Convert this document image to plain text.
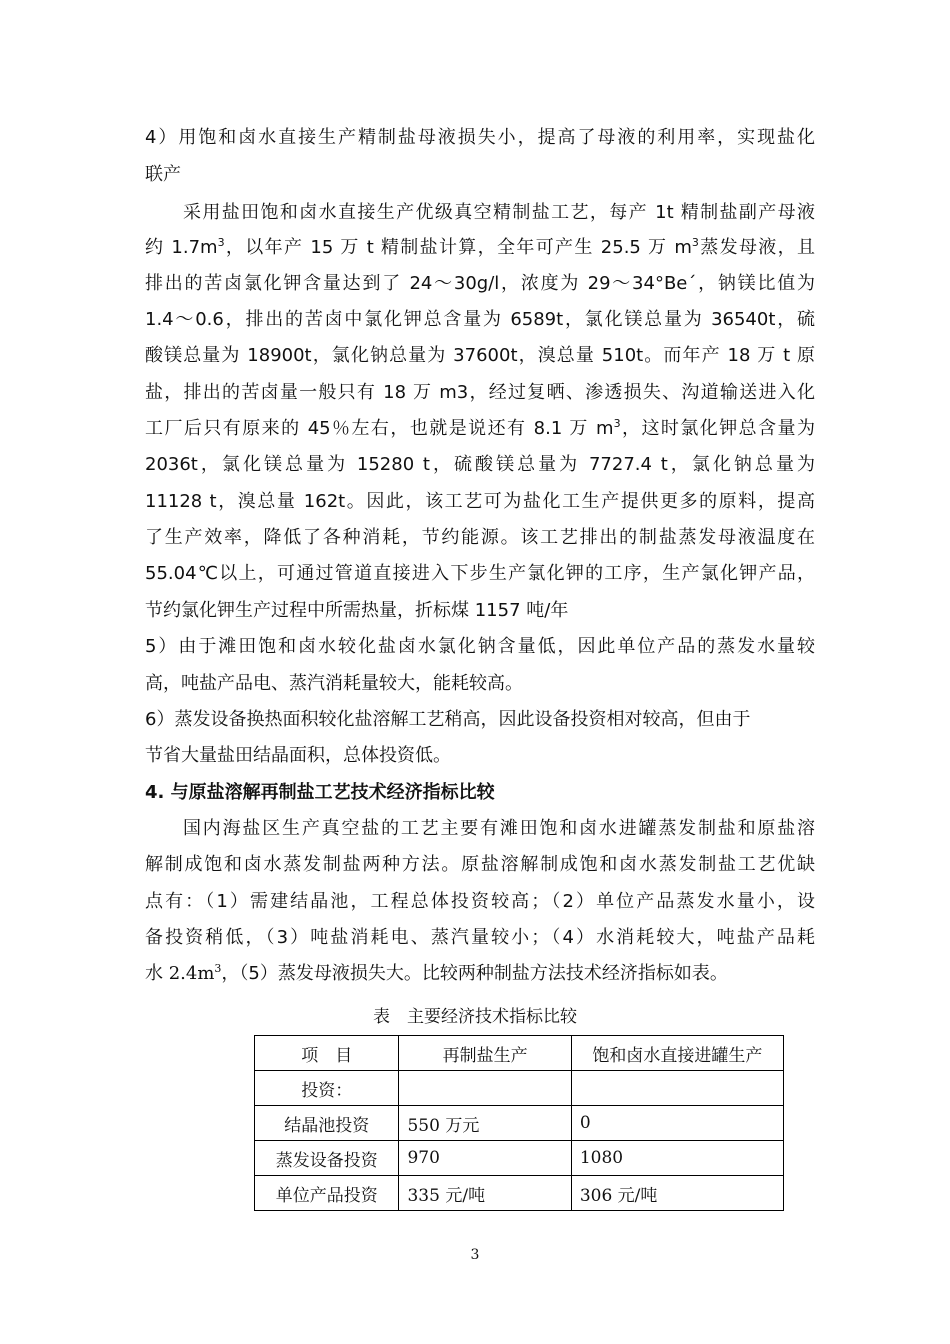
4）用饱和卤水直接生产精制盐母液损失小，提高了母液的利用率，实现盐化
联产
采用盐田饱和卤水直接生产优级真空精制盐工艺，每产 1t 精制盐副产母液
约 $1.7m^3$，以年产 15 万 t 精制盐计算，全年可产生 25.5 万 $m^3$蒸发母液，且
排出的苦卤氯化钾含量达到了 24～30g/l，浓度为 29～34°Be´，钠镁比值为
1.4～0.6，排出的苦卤中氯化钾总含量为 6589t，氯化镁总量为 36540t，硫
酸镁总量为 18900t，氯化钠总量为 37600t，溴总量 510t。而年产 18 万 t 原
盐，排出的苦卤量一般只有 18 万 m3，经过复晒、渗透损失、沟道输送进入化
工厂后只有原来的 45％左右，也就是说还有 8.1 万 $m^3$，这时氯化钾总含量为
2036t，氯化镁总量为 15280 t，硫酸镁总量为 7727.4 t，氯化钠总量为
11128 t，溴总量 162t。因此，该工艺可为盐化工生产提供更多的原料，提高
了生产效率，降低了各种消耗，节约能源。该工艺排出的制盐蒸发母液温度在
55.04℃以上，可通过管道直接进入下步生产氯化钾的工序，生产氯化钾产品，
节约氯化钾生产过程中所需热量，折标煤 1157 吨/年
5）由于滩田饱和卤水较化盐卤水氯化钠含量低，因此单位产品的蒸发水量较
高，吨盐产品电、蒸汽消耗量较大，能耗较高。
6）蒸发设备换热面积较化盐溶解工艺稍高，因此设备投资相对较高，但由于
节省大量盐田结晶面积，总体投资低。
4. 与原盐溶解再制盐工艺技术经济指标比较
国内海盐区生产真空盐的工艺主要有滩田饱和卤水进罐蒸发制盐和原盐溶
解制成饱和卤水蒸发制盐两种方法。原盐溶解制成饱和卤水蒸发制盐工艺优缺
点有：（1）需建结晶池，工程总体投资较高；（2）单位产品蒸发水量小，设
备投资稍低，（3）吨盐消耗电、蒸汽量较小；（4）水消耗较大，吨盐产品耗
水 $2.4m^3$，（5）蒸发母液损失大。比较两种制盐方法技术经济指标如表。
表　主要经济技术指标比较
项　目	再制盐生产	饱和卤水直接进罐生产
投资：		
结晶池投资	550 万元	0
蒸发设备投资	970	1080
单位产品投资	335 元/吨	306 元/吨
3
